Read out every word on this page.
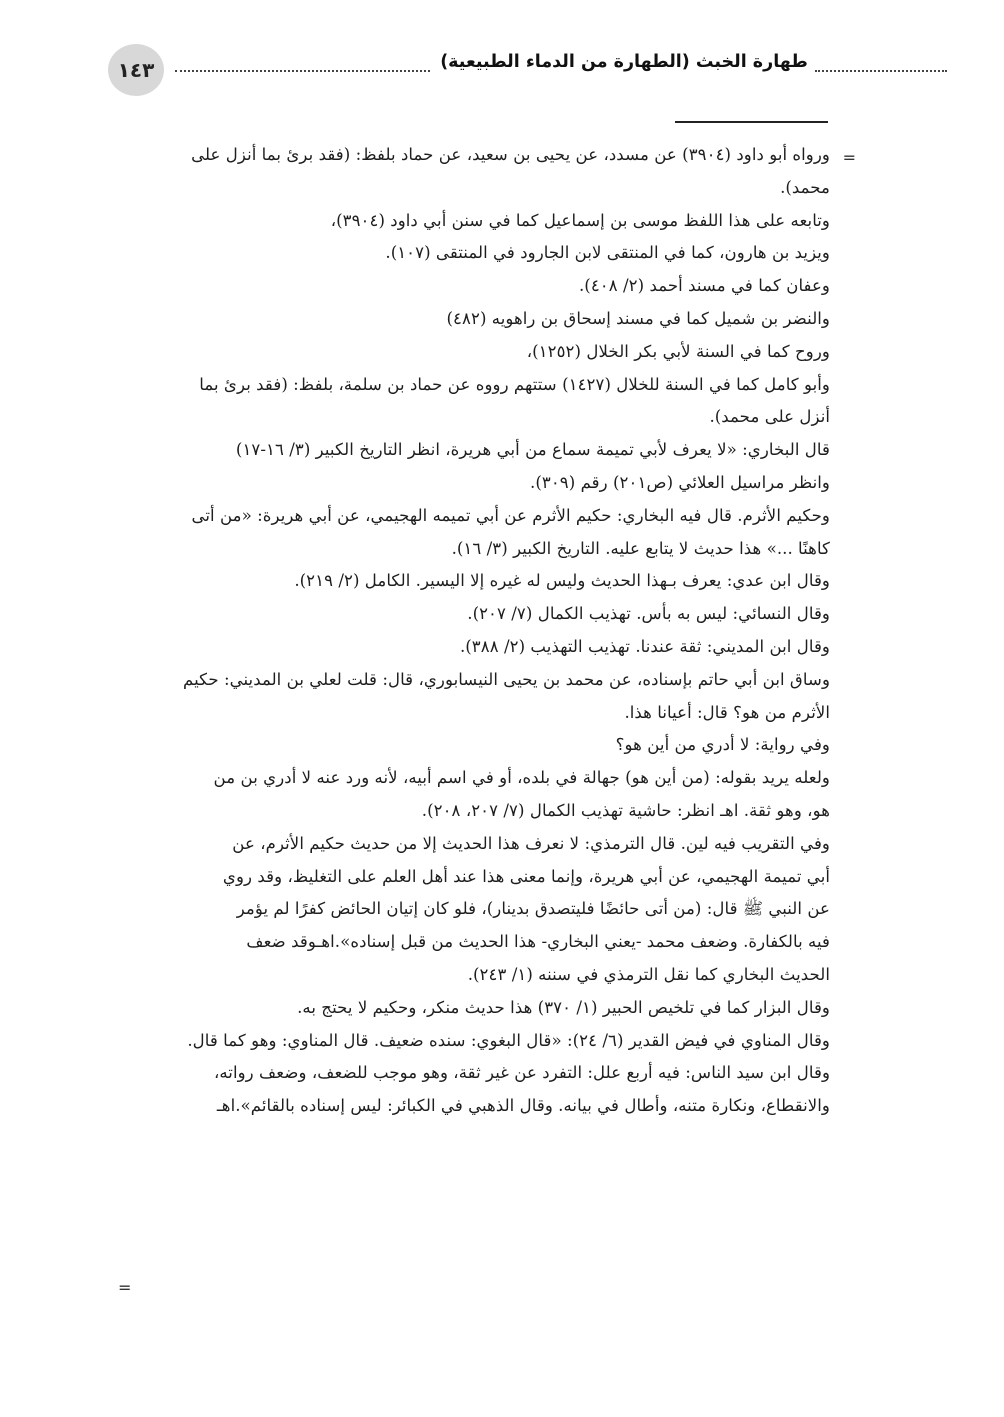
١٤٣	طهارة الخبث (الطهارة من الدماء الطبيعية)
=
ورواه أبو داود (٣٩٠٤) عن مسدد، عن يحيى بن سعيد، عن حماد بلفظ: (فقد برئ بما أنزل على
محمد).
وتابعه على هذا اللفظ موسى بن إسماعيل كما في سنن أبي داود (٣٩٠٤)،
ويزيد بن هارون، كما في المنتقى لابن الجارود في المنتقى (١٠٧).
وعفان كما في مسند أحمد (٢/ ٤٠٨).
والنضر بن شميل كما في مسند إسحاق بن راهويه (٤٨٢)
وروح كما في السنة لأبي بكر الخلال (١٢٥٢)،
وأبو كامل كما في السنة للخلال (١٤٢٧) ستتهم رووه عن حماد بن سلمة، بلفظ: (فقد برئ بما
أنزل على محمد).
قال البخاري: «لا يعرف لأبي تميمة سماع من أبي هريرة، انظر التاريخ الكبير (٣/ ١٦-١٧)
وانظر مراسيل العلائي (ص٢٠١) رقم (٣٠٩).
وحكيم الأثرم. قال فيه البخاري: حكيم الأثرم عن أبي تميمه الهجيمي، عن أبي هريرة: «من أتى
كاهنًا ...» هذا حديث لا يتابع عليه. التاريخ الكبير (٣/ ١٦).
وقال ابن عدي: يعرف بـهذا الحديث وليس له غيره إلا اليسير. الكامل (٢/ ٢١٩).
وقال النسائي: ليس به بأس. تهذيب الكمال (٧/ ٢٠٧).
وقال ابن المديني: ثقة عندنا. تهذيب التهذيب (٢/ ٣٨٨).
وساق ابن أبي حاتم بإسناده، عن محمد بن يحيى النيسابوري، قال: قلت لعلي بن المديني: حكيم
الأثرم من هو؟ قال: أعيانا هذا.
وفي رواية: لا أدري من أين هو؟
ولعله يريد بقوله: (من أين هو) جهالة في بلده، أو في اسم أبيه، لأنه ورد عنه لا أدري بن من
هو، وهو ثقة. اهـ انظر: حاشية تهذيب الكمال (٧/ ٢٠٧، ٢٠٨).
وفي التقريب فيه لين. قال الترمذي: لا نعرف هذا الحديث إلا من حديث حكيم الأثرم، عن
أبي تميمة الهجيمي، عن أبي هريرة، وإنما معنى هذا عند أهل العلم على التغليظ، وقد روي
عن النبي ﷺ قال: (من أتى حائضًا فليتصدق بدينار)، فلو كان إتيان الحائض كفرًا لم يؤمر
فيه بالكفارة. وضعف محمد -يعني البخاري- هذا الحديث من قبل إسناده».اهـوقد ضعف
الحديث البخاري كما نقل الترمذي في سننه (١/ ٢٤٣).
وقال البزار كما في تلخيص الحبير (١/ ٣٧٠) هذا حديث منكر، وحكيم لا يحتج به.
وقال المناوي في فيض القدير (٦/ ٢٤): «قال البغوي: سنده ضعيف. قال المناوي: وهو كما قال.
وقال ابن سيد الناس: فيه أربع علل: التفرد عن غير ثقة، وهو موجب للضعف، وضعف رواته،
والانقطاع، ونكارة متنه، وأطال في بيانه. وقال الذهبي في الكبائر: ليس إسناده بالقائم».اهـ
=
